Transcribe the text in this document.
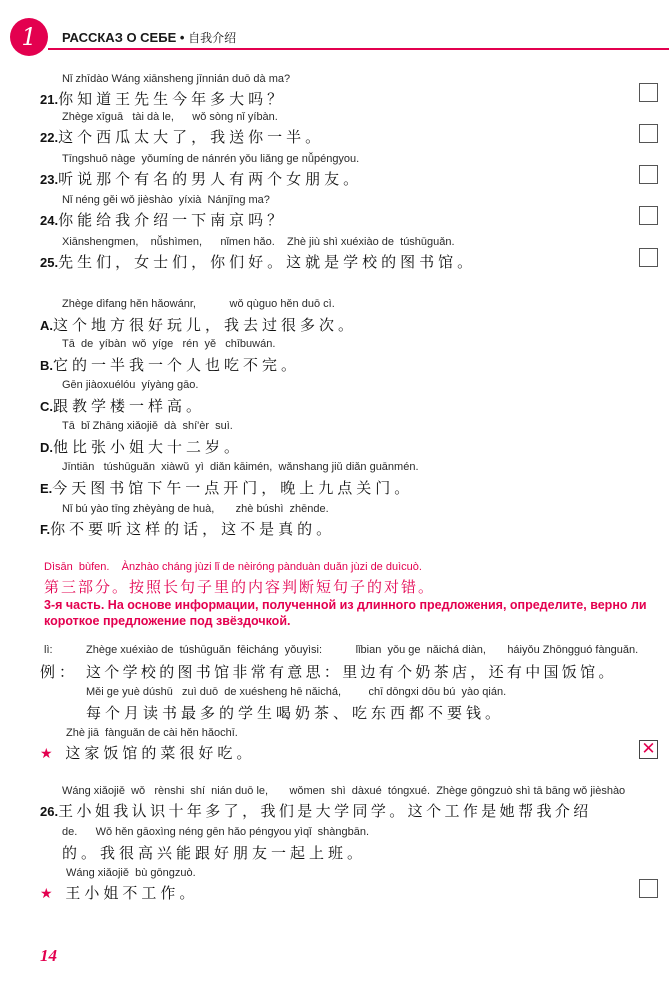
1	РАССКАЗ О СЕБЕ • 自我介绍
Nǐ zhīdào Wáng xiānsheng jīnnián duō dà ma?
21.你知道王先生今年多大吗？
Zhège xīguā   tài dà le,      wǒ sòng nǐ yíbàn.
22.这个西瓜太大了，我送你一半。
Tīngshuō nàge  yǒumíng de nánrén yǒu liǎng ge nǚpéngyou.
23.听说那个有名的男人有两个女朋友。
Nǐ néng gěi wǒ jièshào  yíxià  Nánjīng ma?
24.你能给我介绍一下南京吗？
Xiānshengmen,    nǚshìmen,      nǐmen hǎo.    Zhè jiù shì xuéxiào de  túshūguǎn.
25.先生们，女士们，你们好。这就是学校的图书馆。
Zhège dìfang hěn hǎowánr,           wǒ qùguo hěn duō cì.
A.这个地方很好玩儿，我去过很多次。
Tā  de  yíbàn  wǒ  yíge   rén  yě   chībuwán.
B.它的一半我一个人也吃不完。
Gēn jiàoxuélóu  yíyàng gāo.
C.跟教学楼一样高。
Tā  bǐ Zhāng xiǎojiě  dà  shí'èr  suì.
D.他比张小姐大十二岁。
Jīntiān   túshūguǎn  xiàwǔ  yì  diǎn kāimén,  wǎnshang jiǔ diǎn guānmén.
E.今天图书馆下午一点开门，晚上九点关门。
Nǐ bú yào tīng zhèyàng de huà,       zhè búshì  zhēnde.
F.你不要听这样的话，这不是真的。
Dìsān  bùfen.    Ànzhào cháng jùzi lǐ de nèiróng pànduàn duǎn jùzi de duìcuò.
第三部分。按照长句子里的内容判断短句子的对错。
3-я часть. На основе информации, полученной из длинного предложения, определите, верно ли
короткое предложение под звёздочкой.
lì:	Zhège xuéxiào de  túshūguǎn  fēicháng  yǒuyìsi:           lǐbian  yǒu ge  nǎichá diàn,       háiyǒu Zhōngguó fànguǎn.
例： 这个学校的图书馆非常有意思：里边有个奶茶店，还有中国饭馆。
Měi ge yuè dúshū   zuì duō  de xuésheng hē nǎichá,         chī dōngxi dōu bú  yào qián.
每个月读书最多的学生喝奶茶、吃东西都不要钱。
Zhè jiā  fànguǎn de cài hěn hǎochī.
★ 这家饭馆的菜很好吃。	✕
Wáng xiǎojiě  wǒ   rènshi  shí  nián duō le,       wǒmen  shì  dàxué  tóngxué.  Zhège gōngzuò shì tā bāng wǒ jièshào
26.王小姐我认识十年多了，我们是大学同学。这个工作是她帮我介绍
de.      Wǒ hěn gāoxìng néng gēn hǎo péngyou yìqǐ  shàngbān.
的。我很高兴能跟好朋友一起上班。
Wáng xiǎojiě  bù gōngzuò.
★ 王小姐不工作。
14
